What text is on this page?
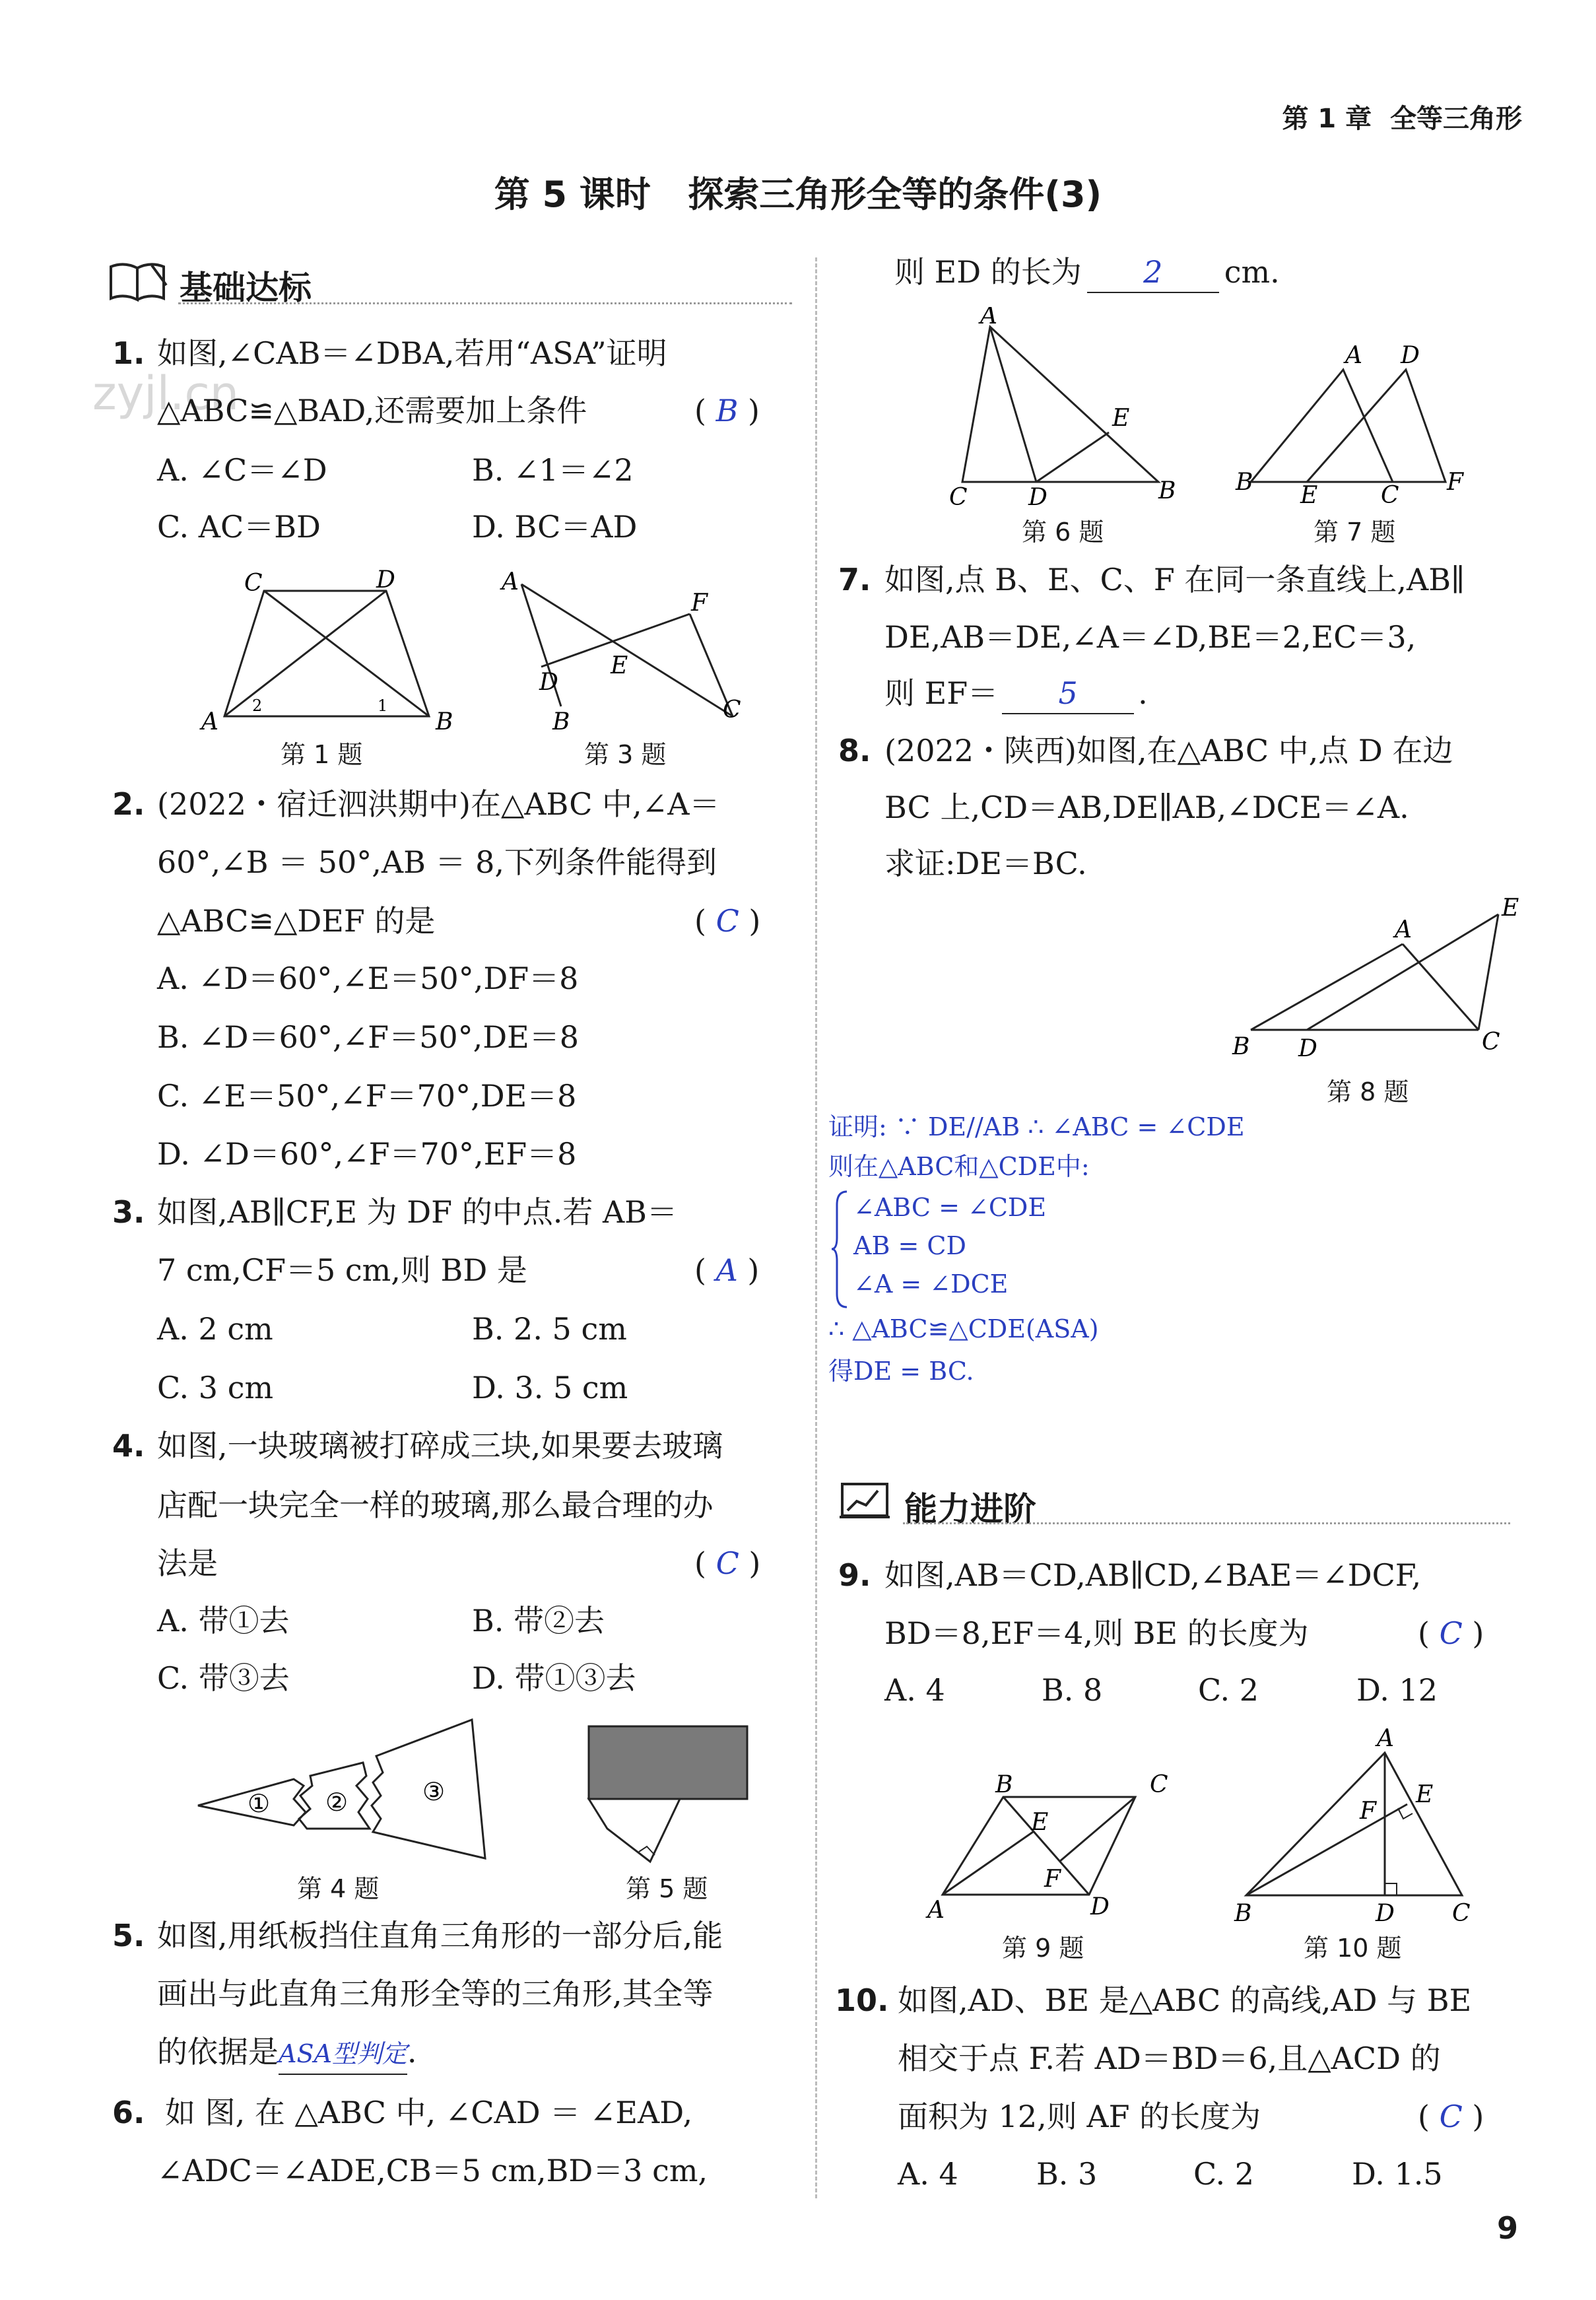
zyjl.cn
第 1 章  全等三角形
第 5 课时   探索三角形全等的条件(3)
基础达标
1. 如图,∠CAB＝∠DBA,若用“ASA”证明
△ABC≌△BAD,还需要加上条件	( B )
A. ∠C＝∠D	B. ∠1＝∠2
C. AC＝BD	D. BC＝AD
C	D
A	B
2	1
第 1 题
A
F
E
D
B	C
第 3 题
2. (2022・宿迁泗洪期中)在△ABC 中,∠A＝
60°,∠B ＝ 50°,AB ＝ 8,下列条件能得到
△ABC≌△DEF 的是	( C )
A. ∠D＝60°,∠E＝50°,DF＝8
B. ∠D＝60°,∠F＝50°,DE＝8
C. ∠E＝50°,∠F＝70°,DE＝8
D. ∠D＝60°,∠F＝70°,EF＝8
3. 如图,AB∥CF,E 为 DF 的中点.若 AB＝
7 cm,CF＝5 cm,则 BD 是	( A )
A. 2 cm	B. 2. 5 cm
C. 3 cm	D. 3. 5 cm
4. 如图,一块玻璃被打碎成三块,如果要去玻璃
店配一块完全一样的玻璃,那么最合理的办
法是	( C )
A. 带①去	B. 带②去
C. 带③去	D. 带①③去
① ②	③
第 4 题	第 5 题
5. 如图,用纸板挡住直角三角形的一部分后,能
画出与此直角三角形全等的三角形,其全等
的依据是ASA型判定.
6. 如 图, 在 △ABC 中, ∠CAD ＝ ∠EAD,
∠ADC＝∠ADE,CB＝5 cm,BD＝3 cm,
则 ED 的长为 2 cm.
A
E
C	D	B
第 6 题
A D
B E	C F
第 7 题
7. 如图,点 B、E、C、F 在同一条直线上,AB∥
DE,AB＝DE,∠A＝∠D,BE＝2,EC＝3,
则 EF＝ 5 .
8. (2022・陕西)如图,在△ABC 中,点 D 在边
BC 上,CD＝AB,DE∥AB,∠DCE＝∠A.
求证:DE＝BC.
A
E
B D	C
第 8 题
证明: ∵ DE//AB ∴ ∠ABC = ∠CDE
则在△ABC和△CDE中:
∠ABC = ∠CDE
AB = CD
∠A = ∠DCE
∴ △ABC≌△CDE(ASA)
得DE = BC.
能力进阶
9. 如图,AB＝CD,AB∥CD,∠BAE＝∠DCF,
BD＝8,EF＝4,则 BE 的长度为	( C )
A. 4	B. 8	C. 2	D. 12
B	C
E
F
A	D
第 9 题
A
F
E
B	D C
第 10 题
10. 如图,AD、BE 是△ABC 的高线,AD 与 BE
相交于点 F.若 AD＝BD＝6,且△ACD 的
面积为 12,则 AF 的长度为	( C )
A. 4	B. 3	C. 2	D. 1.5
9
